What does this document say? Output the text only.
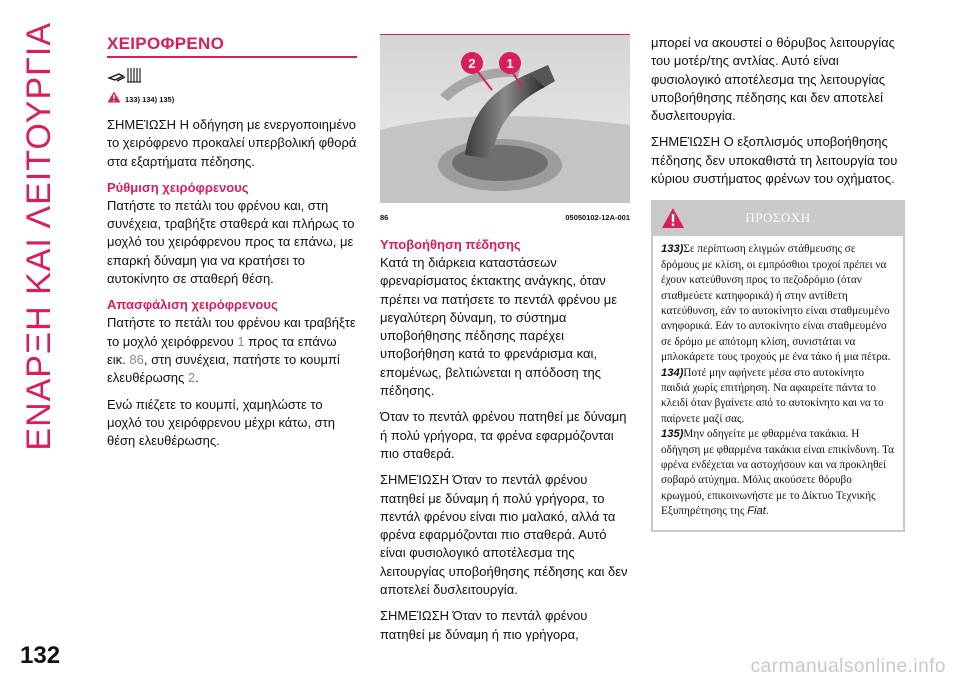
ΕΝΑΡΞΗ ΚΑΙ ΛΕΙΤΟΥΡΓΙΑ	ΧΕΙΡΟΦΡΕΝΟ
133) 134) 135)

ΣΗΜΕΊΩΣΗ Η οδήγηση με ενεργοποιημένο το χειρόφρενο προκαλεί υπερβολική φθορά στα εξαρτήματα πέδησης.

Ρύθμιση χειρόφρενους

Πατήστε το πετάλι του φρένου και, στη συνέχεια, τραβήξτε σταθερά και πλήρως το μοχλό του χειρόφρενου προς τα επάνω, με επαρκή δύναμη για να κρατήσει το αυτοκίνητο σε σταθερή θέση.

Απασφάλιση χειρόφρενους

Πατήστε το πετάλι του φρένου και τραβήξτε το μοχλό χειρόφρενου 1 προς τα επάνω εικ. 86, στη συνέχεια, πατήστε το κουμπί ελευθέρωσης 2.

Ενώ πιέζετε το κουμπί, χαμηλώστε το μοχλό του χειρόφρενου μέχρι κάτω, στη θέση ελευθέρωσης.

2 1
86	05050102-12A-001
Υποβοήθηση πέδησης

Κατά τη διάρκεια καταστάσεων φρεναρίσματος έκτακτης ανάγκης, όταν πρέπει να πατήσετε το πεντάλ φρένου με μεγαλύτερη δύναμη, το σύστημα υποβοήθησης πέδησης παρέχει υποβοήθηση κατά το φρενάρισμα και, επομένως, βελτιώνεται η απόδοση της πέδησης.

Όταν το πεντάλ φρένου πατηθεί με δύναμη ή πολύ γρήγορα, τα φρένα εφαρμόζονται πιο σταθερά.

ΣΗΜΕΊΩΣΗ Όταν το πεντάλ φρένου πατηθεί με δύναμη ή πολύ γρήγορα, το πεντάλ φρένου είναι πιο μαλακό, αλλά τα φρένα εφαρμόζονται πιο σταθερά. Αυτό είναι φυσιολογικό αποτέλεσμα της λειτουργίας υποβοήθησης πέδησης και δεν αποτελεί δυσλειτουργία.

ΣΗΜΕΊΩΣΗ Όταν το πεντάλ φρένου πατηθεί με δύναμη ή πιο γρήγορα,

μπορεί να ακουστεί ο θόρυβος λειτουργίας του μοτέρ/της αντλίας. Αυτό είναι φυσιολογικό αποτέλεσμα της λειτουργίας υποβοήθησης πέδησης και δεν αποτελεί δυσλειτουργία.

ΣΗΜΕΊΩΣΗ Ο εξοπλισμός υποβοήθησης πέδησης δεν υποκαθιστά τη λειτουργία του κύριου συστήματος φρένων του οχήματος.

ΠΡΟΣΟΧΗ

133)Σε περίπτωση ελιγμών στάθμευσης σε δρόμους με κλίση, οι εμπρόσθιοι τροχοί πρέπει να έχουν κατεύθυνση προς το πεζοδρόμιο (όταν σταθμεύετε κατηφορικά) ή στην αντίθετη κατεύθυνση, εάν το αυτοκίνητο είναι σταθμευμένο ανηφορικά. Εάν το αυτοκίνητο είναι σταθμευμένο σε δρόμο με απότομη κλίση, συνιστάται να μπλοκάρετε τους τροχούς με ένα τάκο ή μια πέτρα.

134)Ποτέ μην αφήνετε μέσα στο αυτοκίνητο παιδιά χωρίς επιτήρηση. Να αφαιρείτε πάντα το κλειδί όταν βγαίνετε από το αυτοκίνητο και να το παίρνετε μαζί σας.

135)Μην οδηγείτε με φθαρμένα τακάκια. Η οδήγηση με φθαρμένα τακάκια είναι επικίνδυνη. Τα φρένα ενδέχεται να αστοχήσουν και να προκληθεί σοβαρό ατύχημα. Μόλις ακούσετε θόρυβο κρωγμού, επικοινωνήστε με το Δίκτυο Τεχνικής Εξυπηρέτησης της Fiat.

132	carmanualsonline.info
